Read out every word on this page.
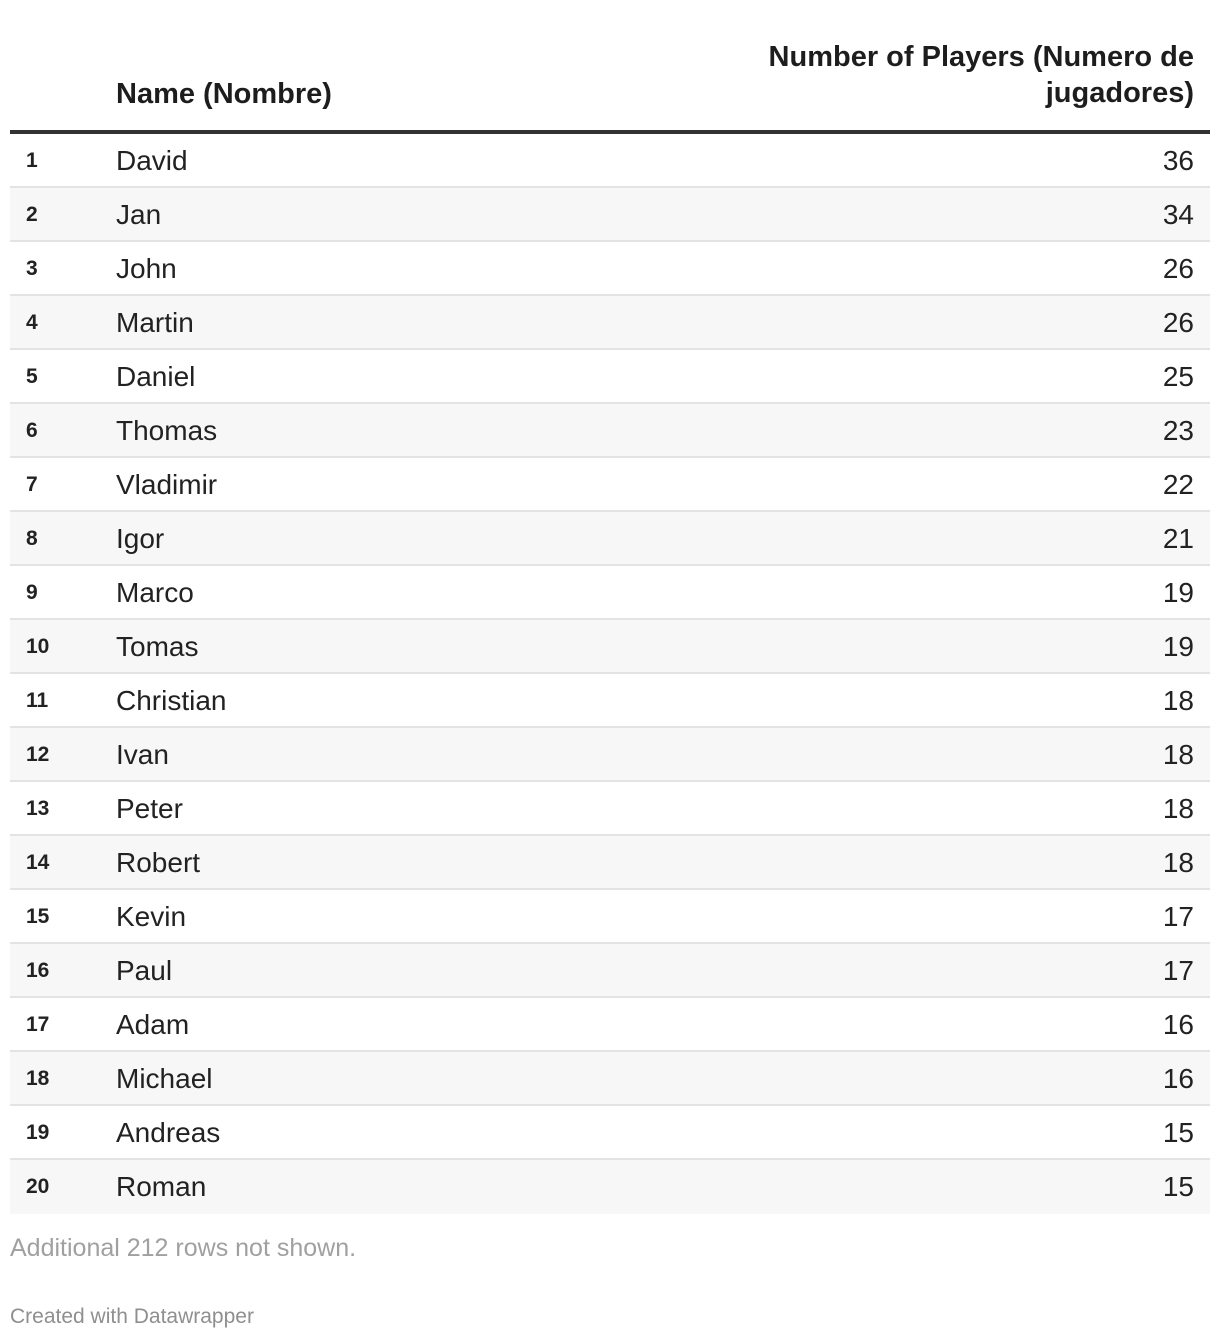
Name (Nombre)
Number of Players (Numero de jugadores)
1	David	36
2	Jan	34
3	John	26
4	Martin	26
5	Daniel	25
6	Thomas	23
7	Vladimir	22
8	Igor	21
9	Marco	19
10 Tomas	19
11 Christian	18
12 Ivan	18
13 Peter	18
14 Robert	18
15 Kevin	17
16 Paul	17
17 Adam	16
18 Michael	16
19 Andreas	15
20 Roman	15
Additional 212 rows not shown.
Created with Datawrapper
